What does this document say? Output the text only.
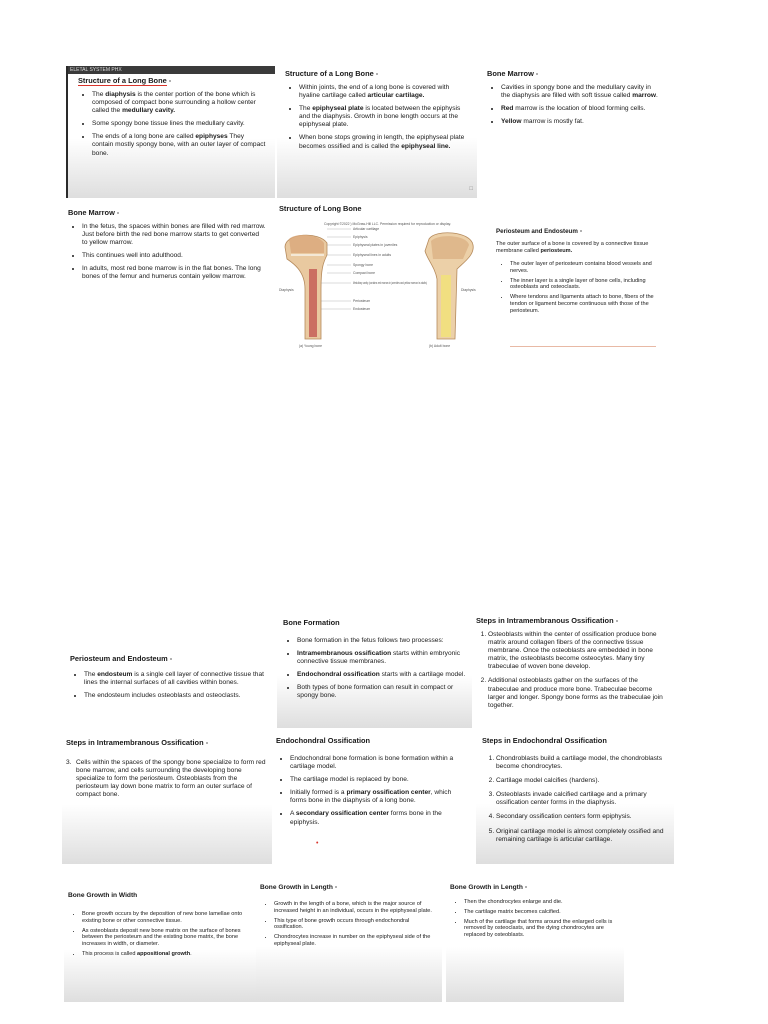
ELETAL SYSTEM PHX
Structure of a Long Bone
• The diaphysis is the center portion of the bone which is composed of compact bone surrounding a hollow center called the medullary cavity.
• Some spongy bone tissue lines the medullary cavity.
• The ends of a long bone are called epiphyses They contain mostly spongy bone, with an outer layer of compact bone.
Structure of a Long Bone
• Within joints, the end of a long bone is covered with hyaline cartilage called articular cartilage.
• The epiphyseal plate is located between the epiphysis and the diaphysis. Growth in bone length occurs at the epiphyseal plate.
• When bone stops growing in length, the epiphyseal plate becomes ossified and is called the epiphyseal line.
□
Bone Marrow
• Cavities in spongy bone and the medullary cavity in the diaphysis are filled with soft tissue called marrow.
• Red marrow is the location of blood forming cells.
• Yellow marrow is mostly fat.
Bone Marrow
• In the fetus, the spaces within bones are filled with red marrow. Just before birth the red bone marrow starts to get converted to yellow marrow.
• This continues well into adulthood.
• In adults, most red bone marrow is in the flat bones. The long bones of the femur and humerus contain yellow marrow.
Structure of Long Bone
Copyright ©2022 ) McGraw-Hill LLC. Permission required for reproduction or display.
Articular cartilage
Epiphysis
Epiphyseal plates in juveniles
Epiphyseal lines in adults
Spongy bone
Compact bone
Medullary cavity (contains red marrow in juveniles and yellow marrow in adults)
Periosteum
Endosteum
Diaphysis	Diaphysis
(a) Young bone	(b) Adult bone
Periosteum and Endosteum

The outer surface of a bone is covered by a connective tissue membrane called periosteum.

• The outer layer of periosteum contains blood vessels and nerves.
• The inner layer is a single layer of bone cells, including osteoblasts and osteoclasts.
• Where tendons and ligaments attach to bone, fibers of the tendon or ligament become continuous with those of the periosteum.
Periosteum and Endosteum
• The endosteum is a single cell layer of connective tissue that lines the internal surfaces of all cavities within bones.
• The endosteum includes osteoblasts and osteoclasts.
Bone Formation
• Bone formation in the fetus follows two processes:
• Intramembranous ossification starts within embryonic connective tissue membranes.
• Endochondral ossification starts with a cartilage model.
• Both types of bone formation can result in compact or spongy bone.
Steps in Intramembranous Ossification
1. Osteoblasts within the center of ossification produce bone matrix around collagen fibers of the connective tissue membrane. Once the osteoblasts are embedded in bone matrix, the osteoblasts become osteocytes. Many tiny trabeculae of woven bone develop.
2. Additional osteoblasts gather on the surfaces of the trabeculae and produce more bone. Trabeculae become larger and longer. Spongy bone forms as the trabeculae join together.
Steps in Intramembranous Ossification
3. Cells within the spaces of the spongy bone specialize to form red bone marrow, and cells surrounding the developing bone specialize to form the periosteum. Osteoblasts from the periosteum lay down bone matrix to form an outer surface of compact bone.
Endochondral Ossification
• Endochondral bone formation is bone formation within a cartilage model.
• The cartilage model is replaced by bone.
• Initially formed is a primary ossification center, which forms bone in the diaphysis of a long bone.
• A secondary ossification center forms bone in the epiphysis.
•
Steps in Endochondral Ossification
1. Chondroblasts build a cartilage model, the chondroblasts become chondrocytes.
2. Cartilage model calcifies (hardens).
3. Osteoblasts invade calcified cartilage and a primary ossification center forms in the diaphysis.
4. Secondary ossification centers form epiphysis.
5. Original cartilage model is almost completely ossified and remaining cartilage is articular cartilage.
Bone Growth in Width
• Bone growth occurs by the deposition of new bone lamellae onto existing bone or other connective tissue.
• As osteoblasts deposit new bone matrix on the surface of bones between the periosteum and the existing bone matrix, the bone increases in width, or diameter.
• This process is called appositional growth.
Bone Growth in Length
• Growth in the length of a bone, which is the major source of increased height in an individual, occurs in the epiphyseal plate.
• This type of bone growth occurs through endochondral ossification.
• Chondrocytes increase in number on the epiphyseal side of the epiphyseal plate.
Bone Growth in Length
• Then the chondrocytes enlarge and die.
• The cartilage matrix becomes calcified.
• Much of the cartilage that forms around the enlarged cells is removed by osteoclasts, and the dying chondrocytes are replaced by osteoblasts.
